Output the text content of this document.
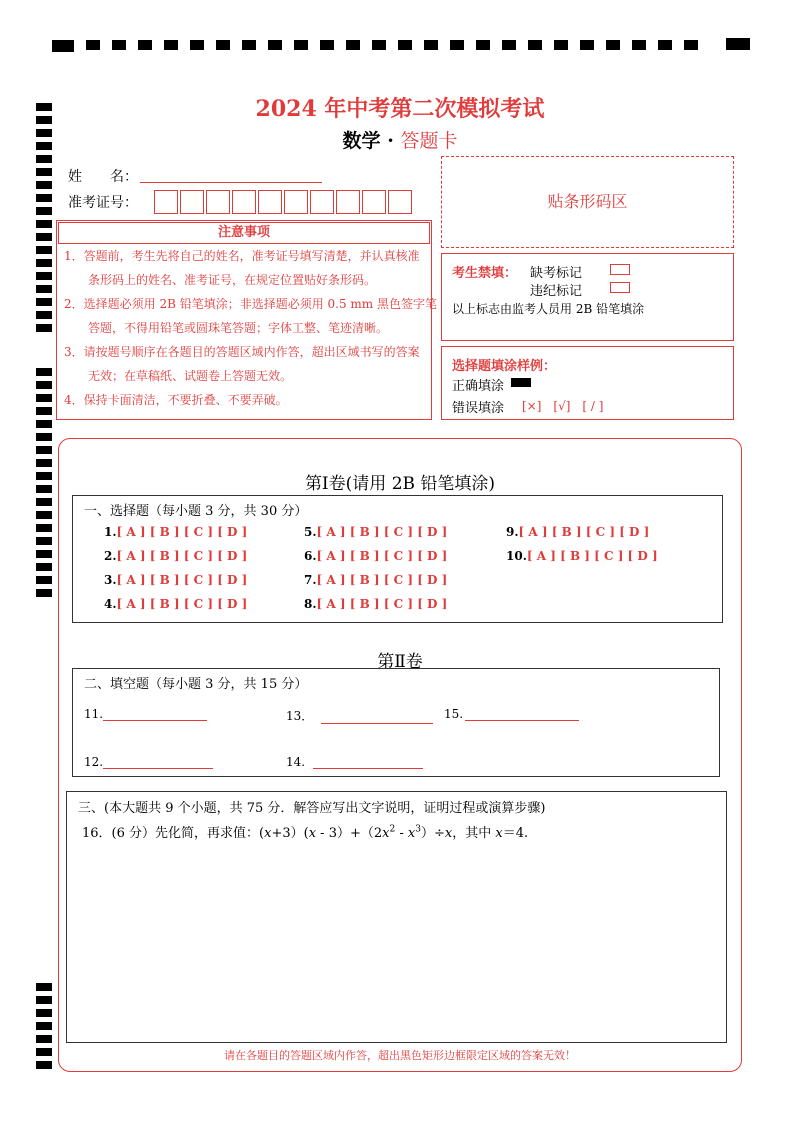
2024 年中考第二次模拟考试
数学 · 答题卡
姓　　名：
准考证号：	贴条形码区
注意事项
1．答题前，考生先将自己的姓名，准考证号填写清楚，并认真核准
　　条形码上的姓名、准考证号，在规定位置贴好条形码。
2．选择题必须用 2B 铅笔填涂；非选择题必须用 0.5 mm 黑色签字笔
　　答题，不得用铅笔或圆珠笔答题；字体工整、笔迹清晰。
3．请按题号顺序在各题目的答题区域内作答，超出区域书写的答案
　　无效；在草稿纸、试题卷上答题无效。
4．保持卡面清洁，不要折叠、不要弄破。
考生禁填： 缺考标记
违纪标记
以上标志由监考人员用 2B 铅笔填涂
选择题填涂样例：
正确填涂
错误填涂 [×]　[√]　[ / ]
第Ⅰ卷(请用 2B 铅笔填涂)
一、选择题（每小题 3 分，共 30 分）
1.[ A ] [ B ] [ C ] [ D ]
2.[ A ] [ B ] [ C ] [ D ]
3.[ A ] [ B ] [ C ] [ D ]
4.[ A ] [ B ] [ C ] [ D ]
5.[ A ] [ B ] [ C ] [ D ]
6.[ A ] [ B ] [ C ] [ D ]
7.[ A ] [ B ] [ C ] [ D ]
8.[ A ] [ B ] [ C ] [ D ]
9.[ A ] [ B ] [ C ] [ D ]
10.[ A ] [ B ] [ C ] [ D ]
第Ⅱ卷
二、填空题（每小题 3 分，共 15 分）
11.
12.
13．
14.
15.
三、(本大题共 9 个小题，共 75 分．解答应写出文字说明，证明过程或演算步骤)
16．(6 分）先化简，再求值：$(x+3)(x - 3)+(2x^2 - x^3)\div x$，其中 x＝4.
请在各题目的答题区域内作答，超出黑色矩形边框限定区域的答案无效！
